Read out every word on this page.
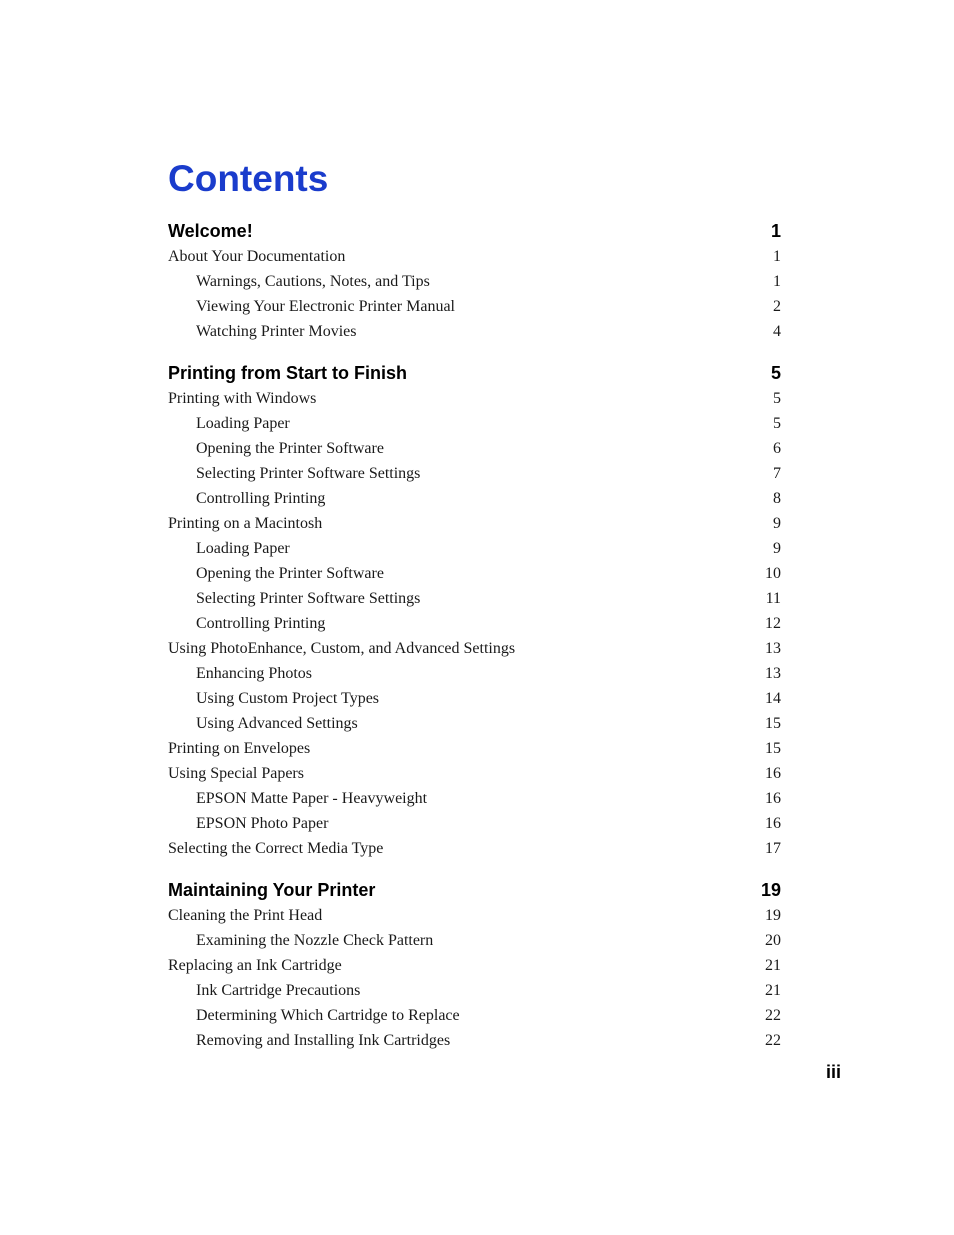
Contents
Welcome!	1
About Your Documentation	1
Warnings, Cautions, Notes, and Tips	1
Viewing Your Electronic Printer Manual	2
Watching Printer Movies	4
Printing from Start to Finish	5
Printing with Windows	5
Loading Paper	5
Opening the Printer Software	6
Selecting Printer Software Settings	7
Controlling Printing	8
Printing on a Macintosh	9
Loading Paper	9
Opening the Printer Software	10
Selecting Printer Software Settings	11
Controlling Printing	12
Using PhotoEnhance, Custom, and Advanced Settings	13
Enhancing Photos	13
Using Custom Project Types	14
Using Advanced Settings	15
Printing on Envelopes	15
Using Special Papers	16
EPSON Matte Paper - Heavyweight	16
EPSON Photo Paper	16
Selecting the Correct Media Type	17
Maintaining Your Printer	19
Cleaning the Print Head	19
Examining the Nozzle Check Pattern	20
Replacing an Ink Cartridge	21
Ink Cartridge Precautions	21
Determining Which Cartridge to Replace	22
Removing and Installing Ink Cartridges	22
iii
